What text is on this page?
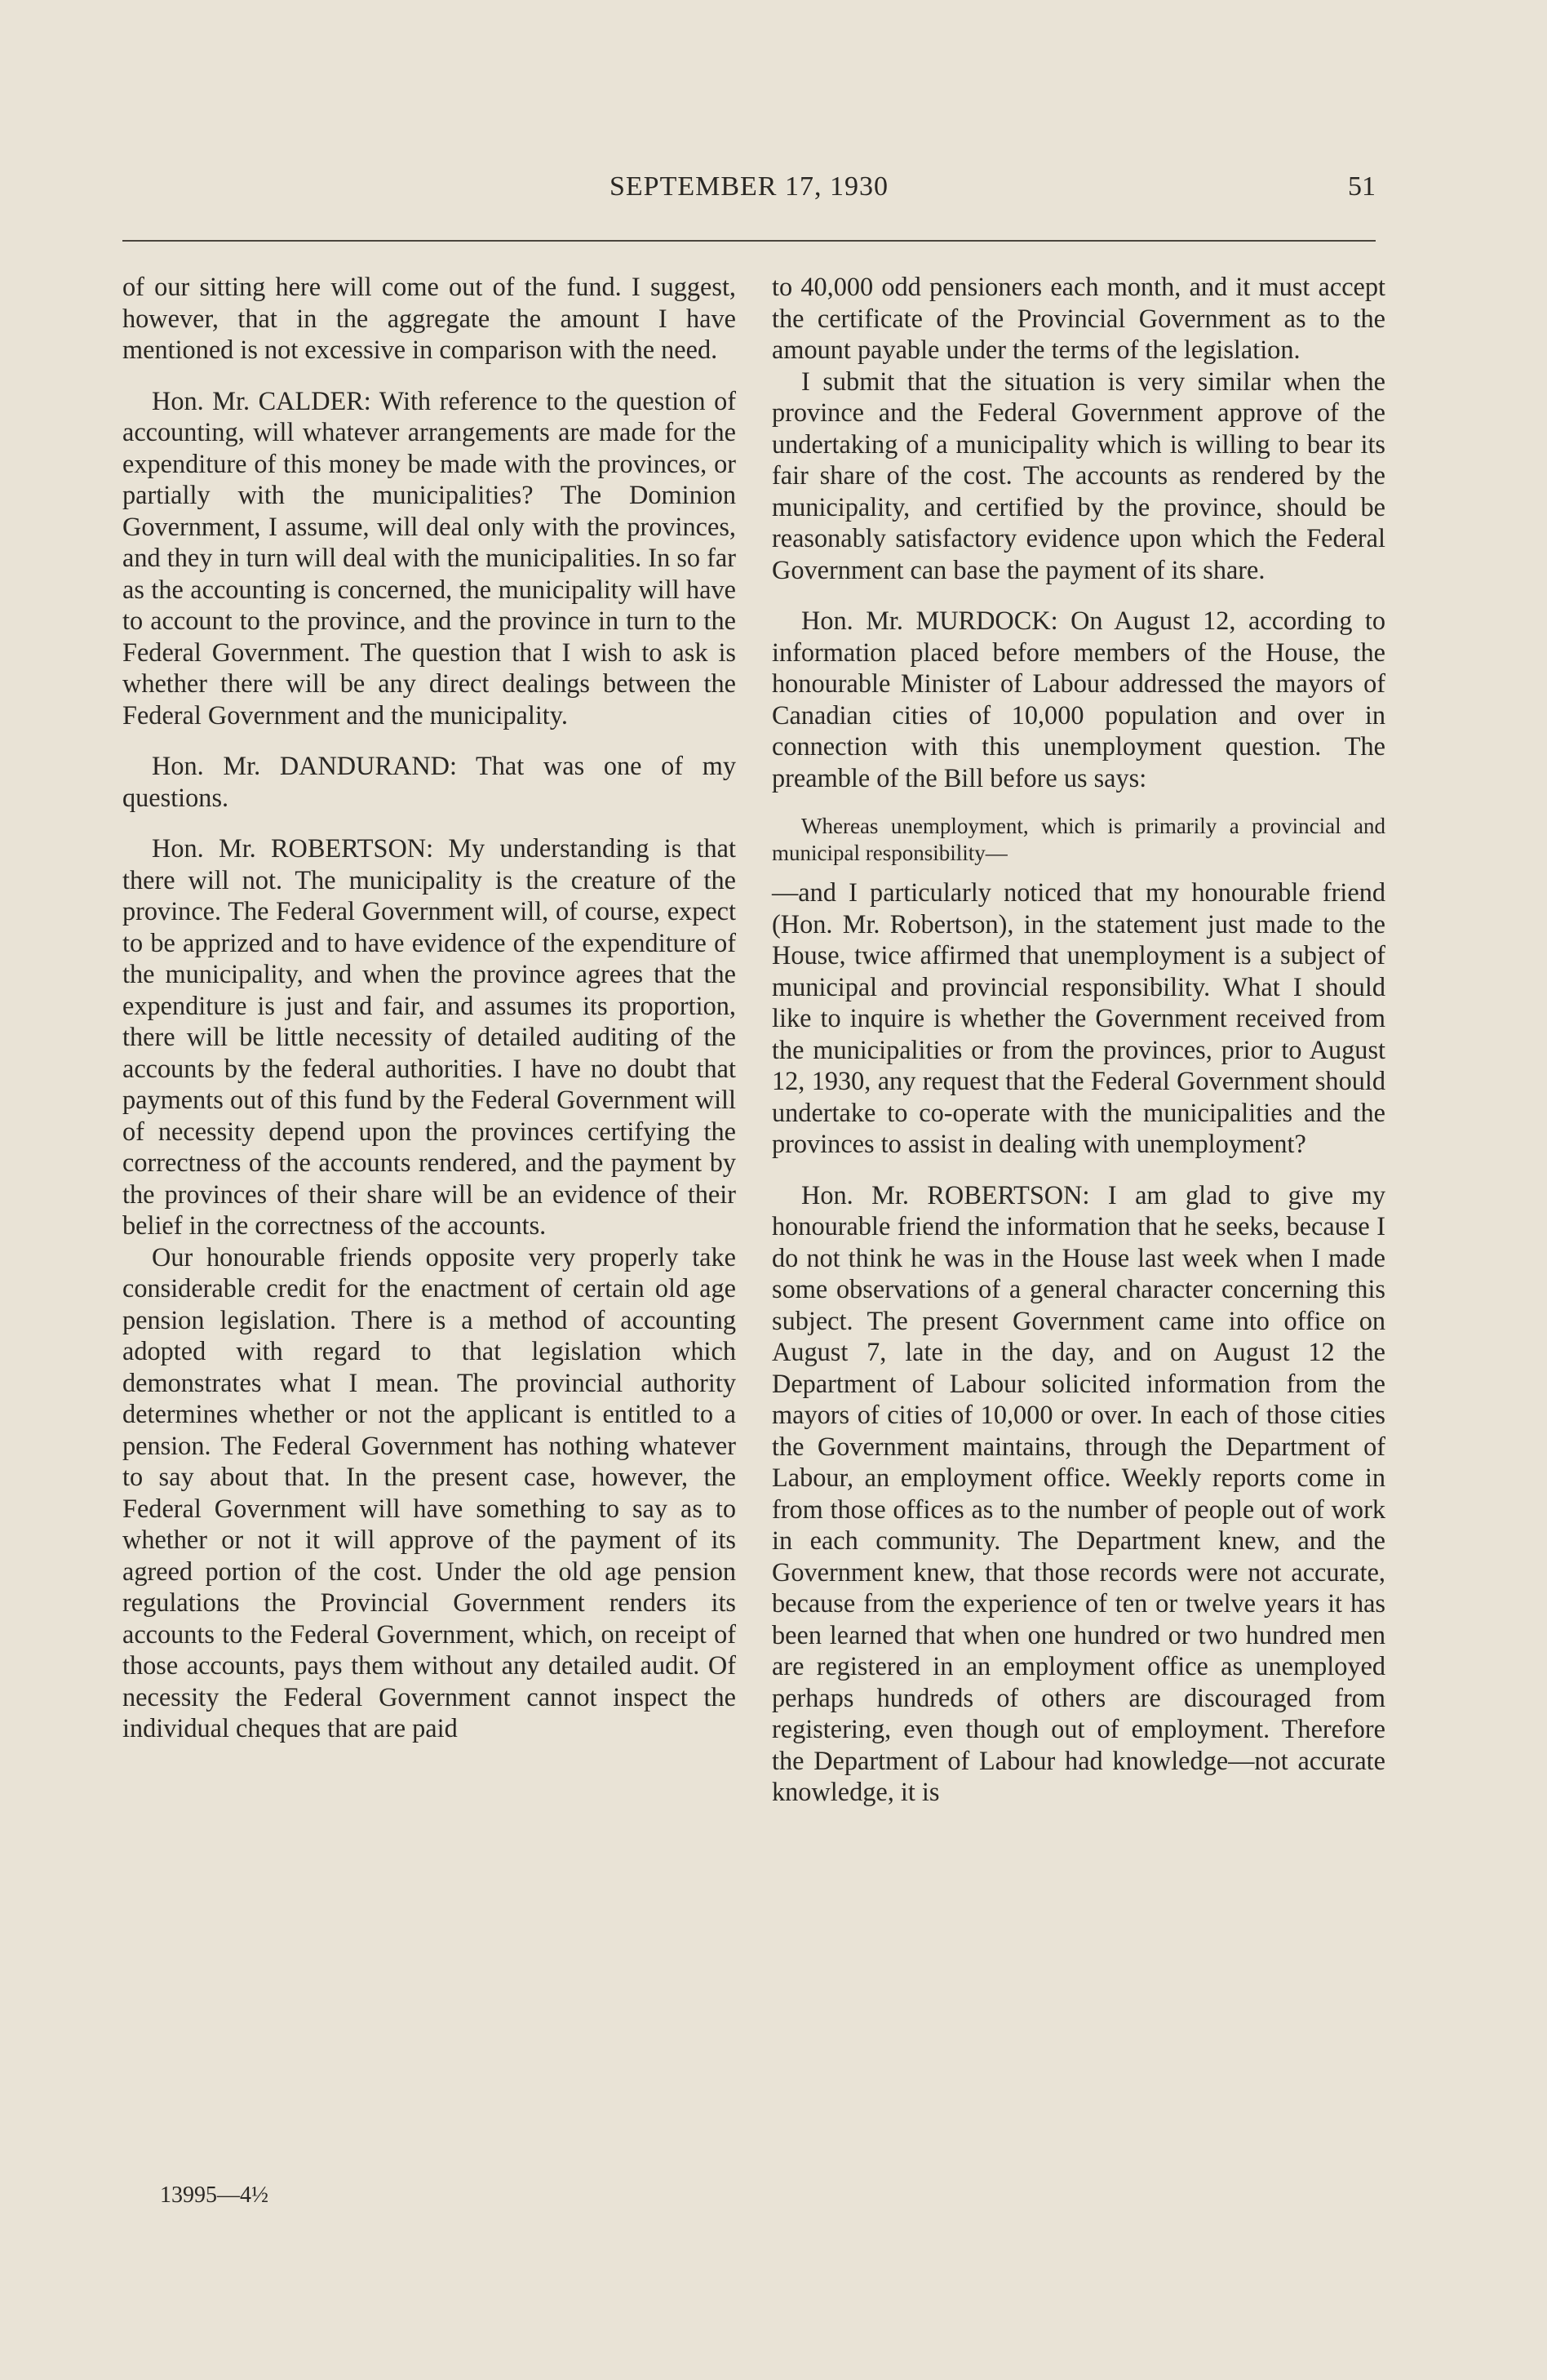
SEPTEMBER 17, 1930	51

of our sitting here will come out of the fund. I suggest, however, that in the aggregate the amount I have mentioned is not excessive in comparison with the need.

Hon. Mr. CALDER: With reference to the question of accounting, will whatever arrangements are made for the expenditure of this money be made with the provinces, or partially with the municipalities? The Dominion Government, I assume, will deal only with the provinces, and they in turn will deal with the municipalities. In so far as the accounting is concerned, the municipality will have to account to the province, and the province in turn to the Federal Government. The question that I wish to ask is whether there will be any direct dealings between the Federal Government and the municipality.

Hon. Mr. DANDURAND: That was one of my questions.

Hon. Mr. ROBERTSON: My understanding is that there will not. The municipality is the creature of the province. The Federal Government will, of course, expect to be apprized and to have evidence of the expenditure of the municipality, and when the province agrees that the expenditure is just and fair, and assumes its proportion, there will be little necessity of detailed auditing of the accounts by the federal authorities. I have no doubt that payments out of this fund by the Federal Government will of necessity depend upon the provinces certifying the correctness of the accounts rendered, and the payment by the provinces of their share will be an evidence of their belief in the correctness of the accounts.

Our honourable friends opposite very properly take considerable credit for the enactment of certain old age pension legislation. There is a method of accounting adopted with regard to that legislation which demonstrates what I mean. The provincial authority determines whether or not the applicant is entitled to a pension. The Federal Government has nothing whatever to say about that. In the present case, however, the Federal Government will have something to say as to whether or not it will approve of the payment of its agreed portion of the cost. Under the old age pension regulations the Provincial Government renders its accounts to the Federal Government, which, on receipt of those accounts, pays them without any detailed audit. Of necessity the Federal Government cannot inspect the individual cheques that are paid

to 40,000 odd pensioners each month, and it must accept the certificate of the Provincial Government as to the amount payable under the terms of the legislation.

I submit that the situation is very similar when the province and the Federal Government approve of the undertaking of a municipality which is willing to bear its fair share of the cost. The accounts as rendered by the municipality, and certified by the province, should be reasonably satisfactory evidence upon which the Federal Government can base the payment of its share.

Hon. Mr. MURDOCK: On August 12, according to information placed before members of the House, the honourable Minister of Labour addressed the mayors of Canadian cities of 10,000 population and over in connection with this unemployment question. The preamble of the Bill before us says:

Whereas unemployment, which is primarily a provincial and municipal responsibility—

—and I particularly noticed that my honourable friend (Hon. Mr. Robertson), in the statement just made to the House, twice affirmed that unemployment is a subject of municipal and provincial responsibility. What I should like to inquire is whether the Government received from the municipalities or from the provinces, prior to August 12, 1930, any request that the Federal Government should undertake to co-operate with the municipalities and the provinces to assist in dealing with unemployment?

Hon. Mr. ROBERTSON: I am glad to give my honourable friend the information that he seeks, because I do not think he was in the House last week when I made some observations of a general character concerning this subject. The present Government came into office on August 7, late in the day, and on August 12 the Department of Labour solicited information from the mayors of cities of 10,000 or over. In each of those cities the Government maintains, through the Department of Labour, an employment office. Weekly reports come in from those offices as to the number of people out of work in each community. The Department knew, and the Government knew, that those records were not accurate, because from the experience of ten or twelve years it has been learned that when one hundred or two hundred men are registered in an employment office as unemployed perhaps hundreds of others are discouraged from registering, even though out of employment. Therefore the Department of Labour had knowledge—not accurate knowledge, it is

13995—4½
